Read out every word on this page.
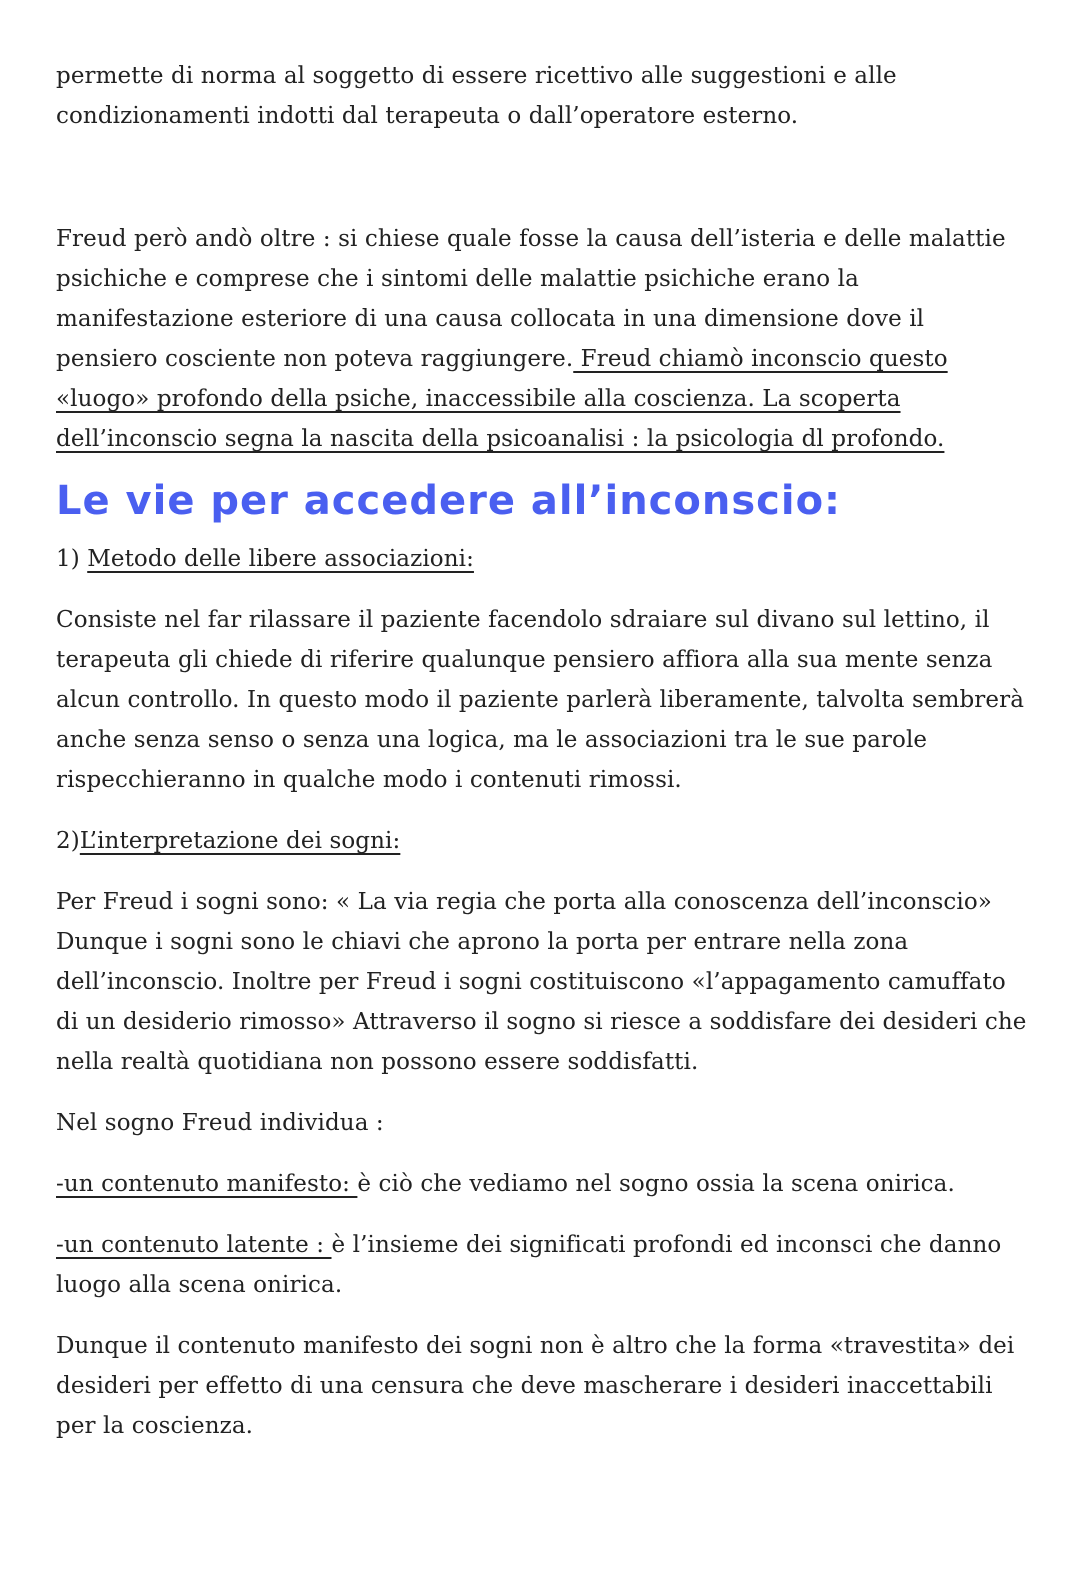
permette di norma al soggetto di essere ricettivo alle suggestioni e alle
condizionamenti indotti dal terapeuta o dall’operatore esterno.

Freud però andò oltre : si chiese quale fosse la causa dell’isteria e delle malattie psichiche e comprese che i sintomi delle malattie psichiche erano la manifestazione esteriore di una causa collocata in una dimensione dove il pensiero cosciente non poteva raggiungere. Freud chiamò inconscio questo «luogo» profondo della psiche, inaccessibile alla coscienza. La scoperta dell’inconscio segna la nascita della psicoanalisi : la psicologia dl profondo.

Le vie per accedere all’inconscio:

1) Metodo delle libere associazioni:

Consiste nel far rilassare il paziente facendolo sdraiare sul divano sul lettino, il terapeuta gli chiede di riferire qualunque pensiero affiora alla sua mente senza alcun controllo. In questo modo il paziente parlerà liberamente, talvolta sembrerà anche senza senso o senza una logica, ma le associazioni tra le sue parole rispecchieranno in qualche modo i contenuti rimossi.

2)L’interpretazione dei sogni:

Per Freud i sogni sono: « La via regia che porta alla conoscenza dell’inconscio» Dunque i sogni sono le chiavi che aprono la porta per entrare nella zona dell’inconscio. Inoltre per Freud i sogni costituiscono «l’appagamento camuffato di un desiderio rimosso» Attraverso il sogno si riesce a soddisfare dei desideri che nella realtà quotidiana non possono essere soddisfatti.

Nel sogno Freud individua :

-un contenuto manifesto: è ciò che vediamo nel sogno ossia la scena onirica.

-un contenuto latente : è l’insieme dei significati profondi ed inconsci che danno luogo alla scena onirica.

Dunque il contenuto manifesto dei sogni non è altro che la forma «travestita» dei desideri per effetto di una censura che deve mascherare i desideri inaccettabili per la coscienza.
